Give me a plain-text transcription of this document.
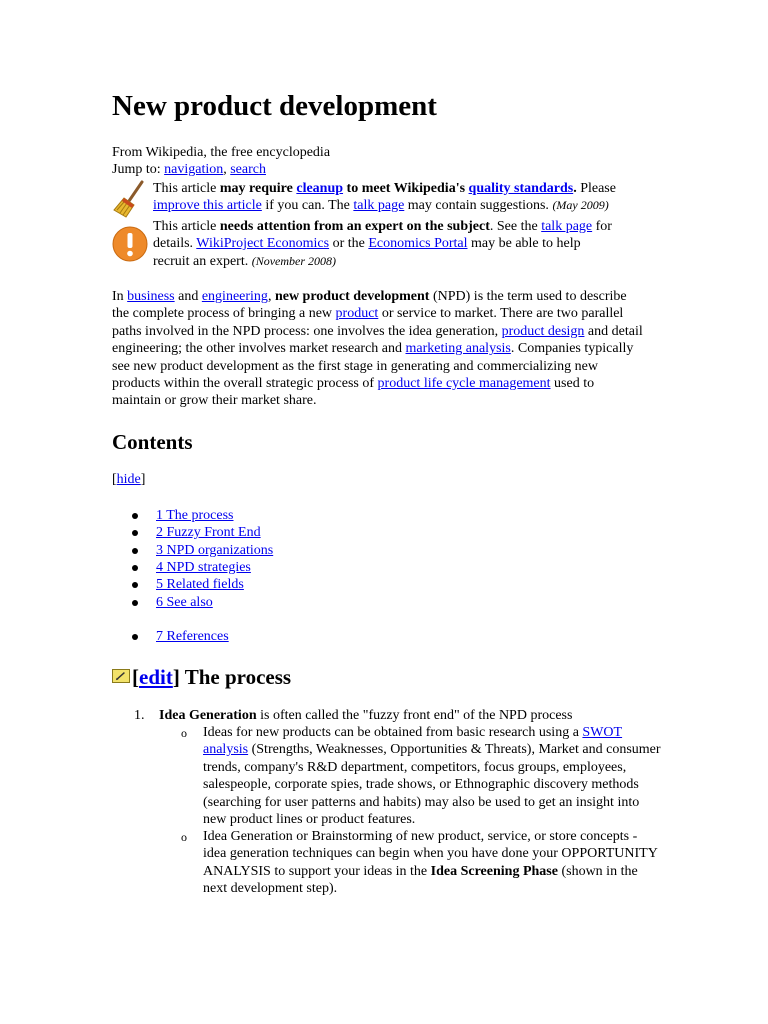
New product development
From Wikipedia, the free encyclopedia
Jump to: navigation, search
This article may require cleanup to meet Wikipedia's quality standards. Please
improve this article if you can. The talk page may contain suggestions. (May 2009)
This article needs attention from an expert on the subject. See the talk page for
details. WikiProject Economics or the Economics Portal may be able to help
recruit an expert. (November 2008)
In business and engineering, new product development (NPD) is the term used to describe the complete process of bringing a new product or service to market. There are two parallel paths involved in the NPD process: one involves the idea generation, product design and detail engineering; the other involves market research and marketing analysis. Companies typically see new product development as the first stage in generating and commercializing new products within the overall strategic process of product life cycle management used to maintain or grow their market share.
Contents
[hide]
1 The process
2 Fuzzy Front End
3 NPD organizations
4 NPD strategies
5 Related fields
6 See also
7 References
[edit] The process
1. Idea Generation is often called the "fuzzy front end" of the NPD process
o Ideas for new products can be obtained from basic research using a SWOT analysis (Strengths, Weaknesses, Opportunities & Threats), Market and consumer trends, company's R&D department, competitors, focus groups, employees, salespeople, corporate spies, trade shows, or Ethnographic discovery methods (searching for user patterns and habits) may also be used to get an insight into new product lines or product features.
o Idea Generation or Brainstorming of new product, service, or store concepts - idea generation techniques can begin when you have done your OPPORTUNITY ANALYSIS to support your ideas in the Idea Screening Phase (shown in the next development step).
